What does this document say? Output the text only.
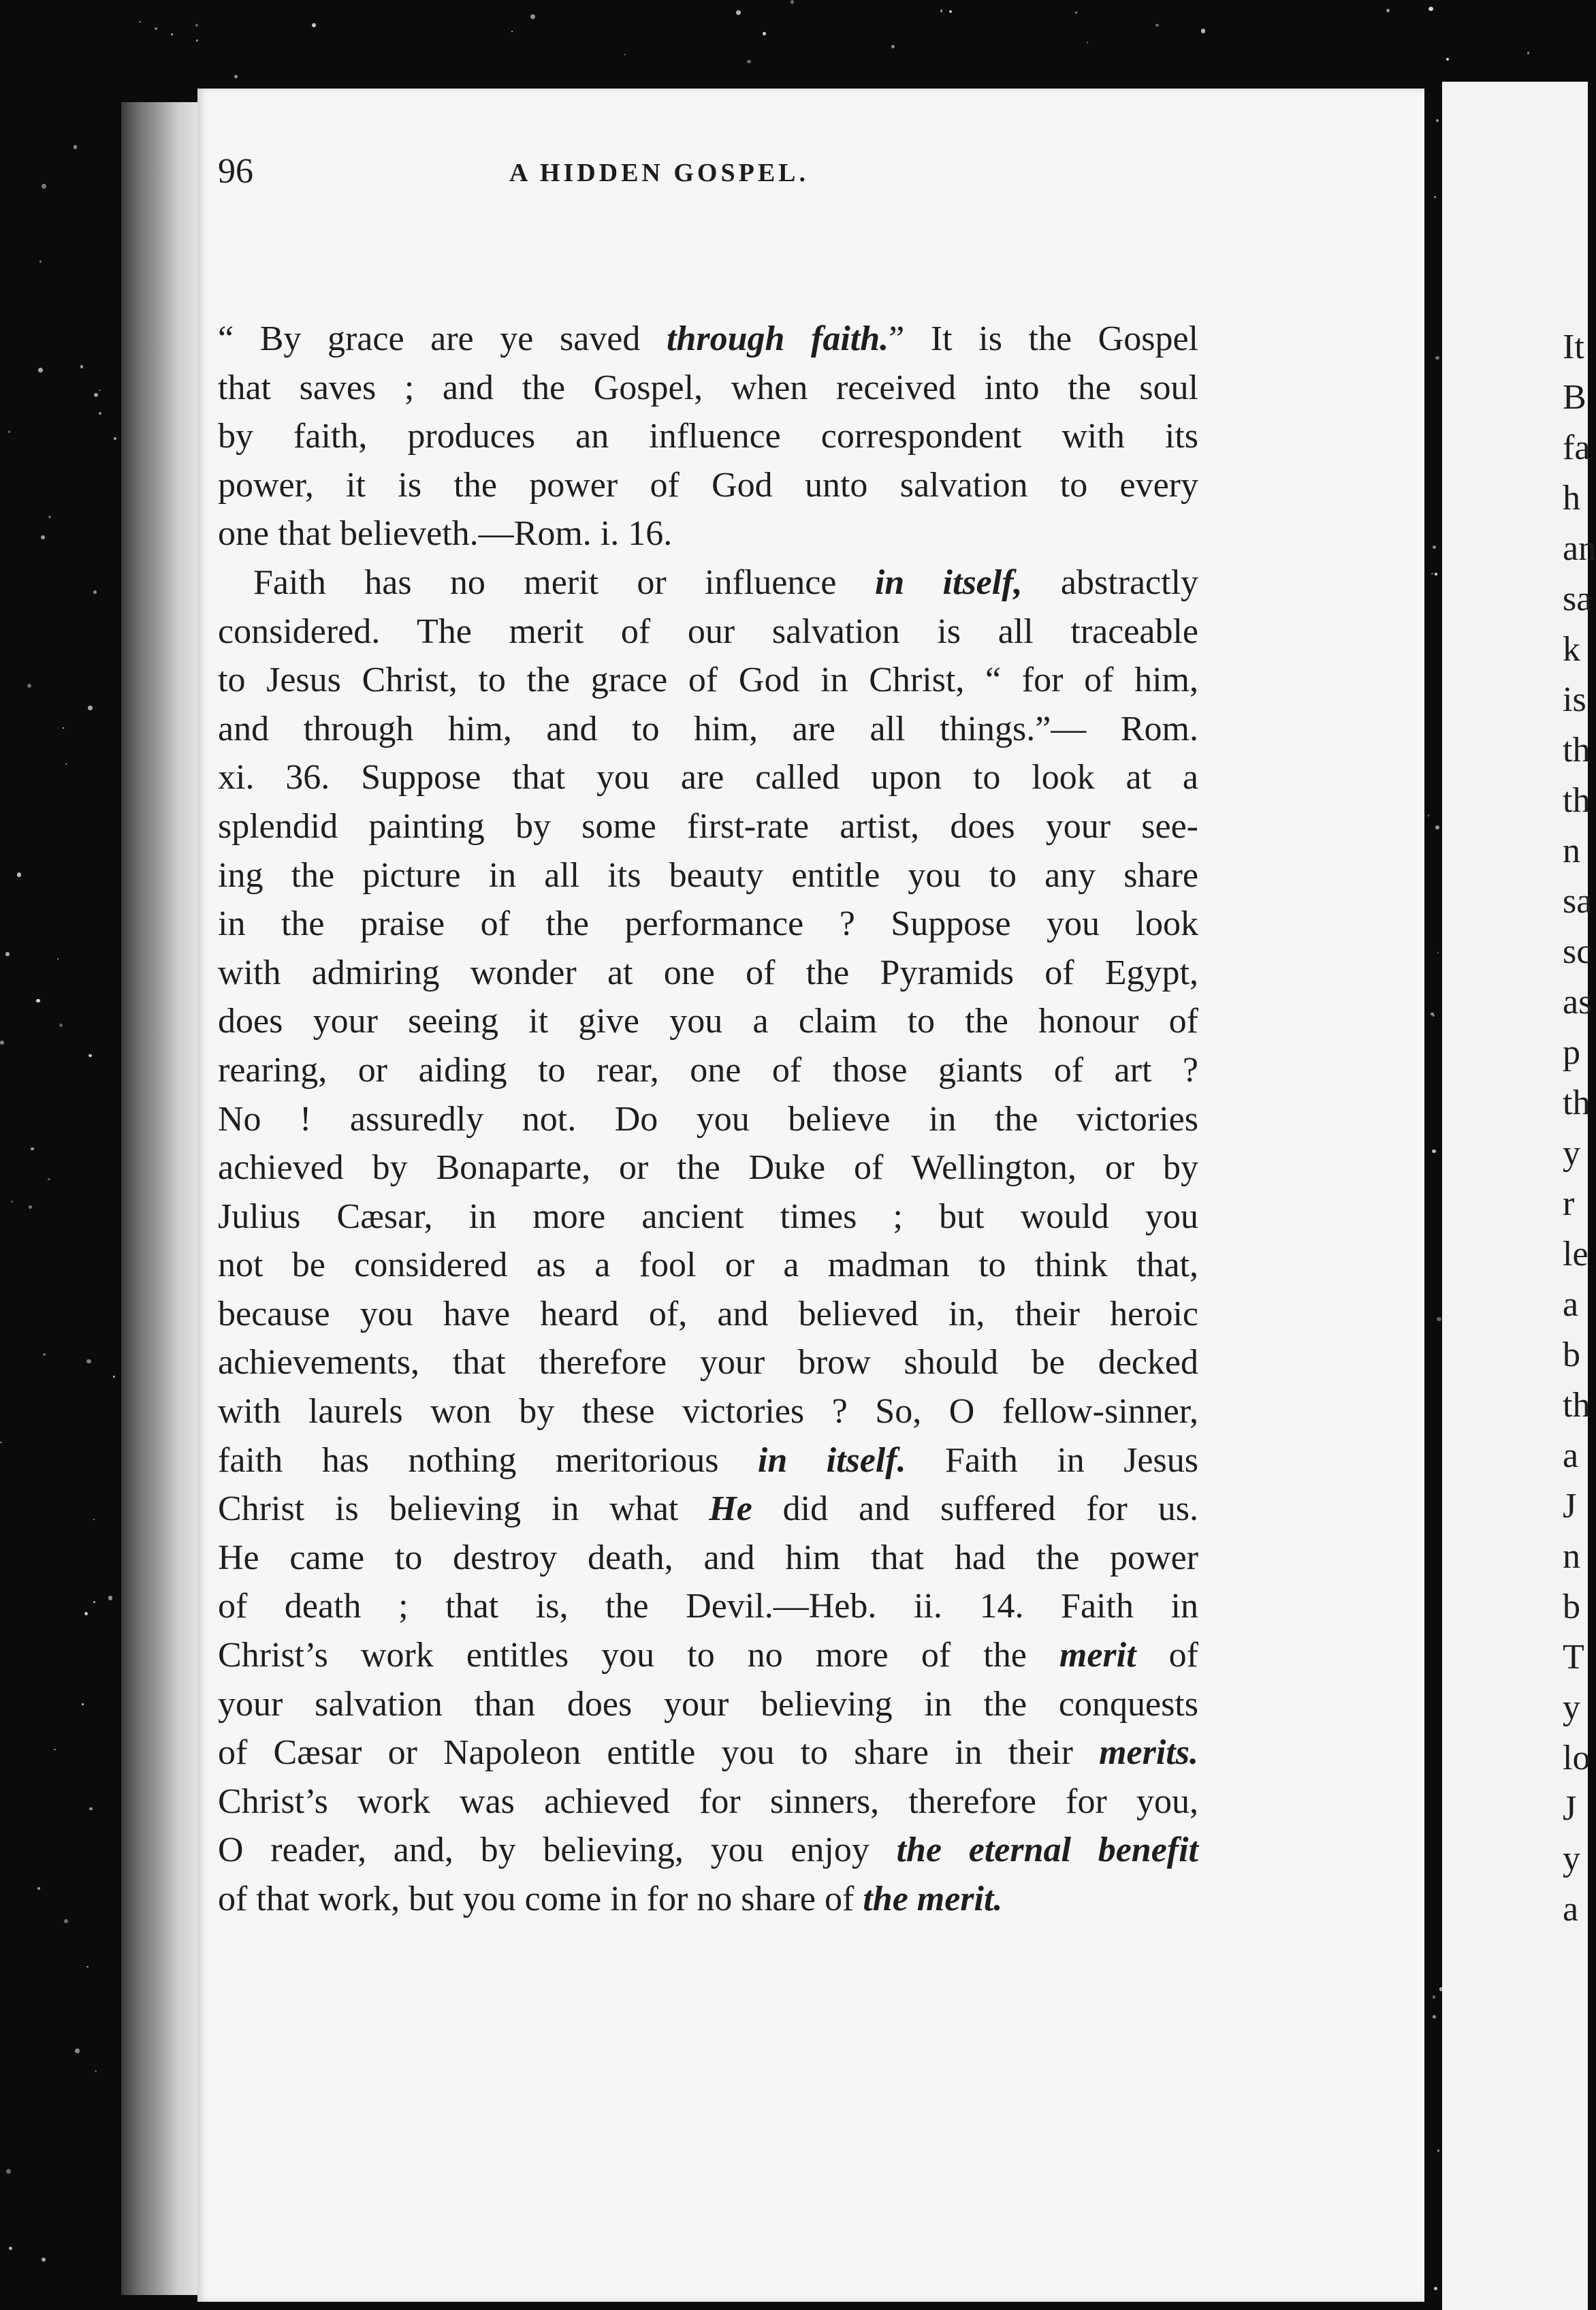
96	A HIDDEN GOSPEL.
“ By grace are ye saved through faith.” It is the Gospel
that saves ; and the Gospel, when received into the soul
by faith, produces an influence correspondent with its
power, it is the power of God unto salvation to every
one that believeth.—Rom. i. 16.
 Faith has no merit or influence in itself, abstractly
considered. The merit of our salvation is all traceable
to Jesus Christ, to the grace of God in Christ, “ for of him,
and through him, and to him, are all things.”— Rom.
xi. 36. Suppose that you are called upon to look at a
splendid painting by some first-rate artist, does your see-
ing the picture in all its beauty entitle you to any share
in the praise of the performance ? Suppose you look
with admiring wonder at one of the Pyramids of Egypt,
does your seeing it give you a claim to the honour of
rearing, or aiding to rear, one of those giants of art ?
No ! assuredly not. Do you believe in the victories
achieved by Bonaparte, or the Duke of Wellington, or by
Julius Cæsar, in more ancient times ; but would you
not be considered as a fool or a madman to think that,
because you have heard of, and believed in, their heroic
achievements, that therefore your brow should be decked
with laurels won by these victories ? So, O fellow-sinner,
faith has nothing meritorious in itself. Faith in Jesus
Christ is believing in what He did and suffered for us.
He came to destroy death, and him that had the power
of death ; that is, the Devil.—Heb. ii. 14. Faith in
Christ’s work entitles you to no more of the merit of
your salvation than does your believing in the conquests
of Cæsar or Napoleon entitle you to share in their merits.
Christ’s work was achieved for sinners, therefore for you,
O reader, and, by believing, you enjoy the eternal benefit
of that work, but you come in for no share of the merit.
It
B
fa
h
an
sa
k
is
th
th
n
sa
sc
as
p
th
y
r
le
a
b
th
a
J
n
b
T
y
lo
J
y
a
